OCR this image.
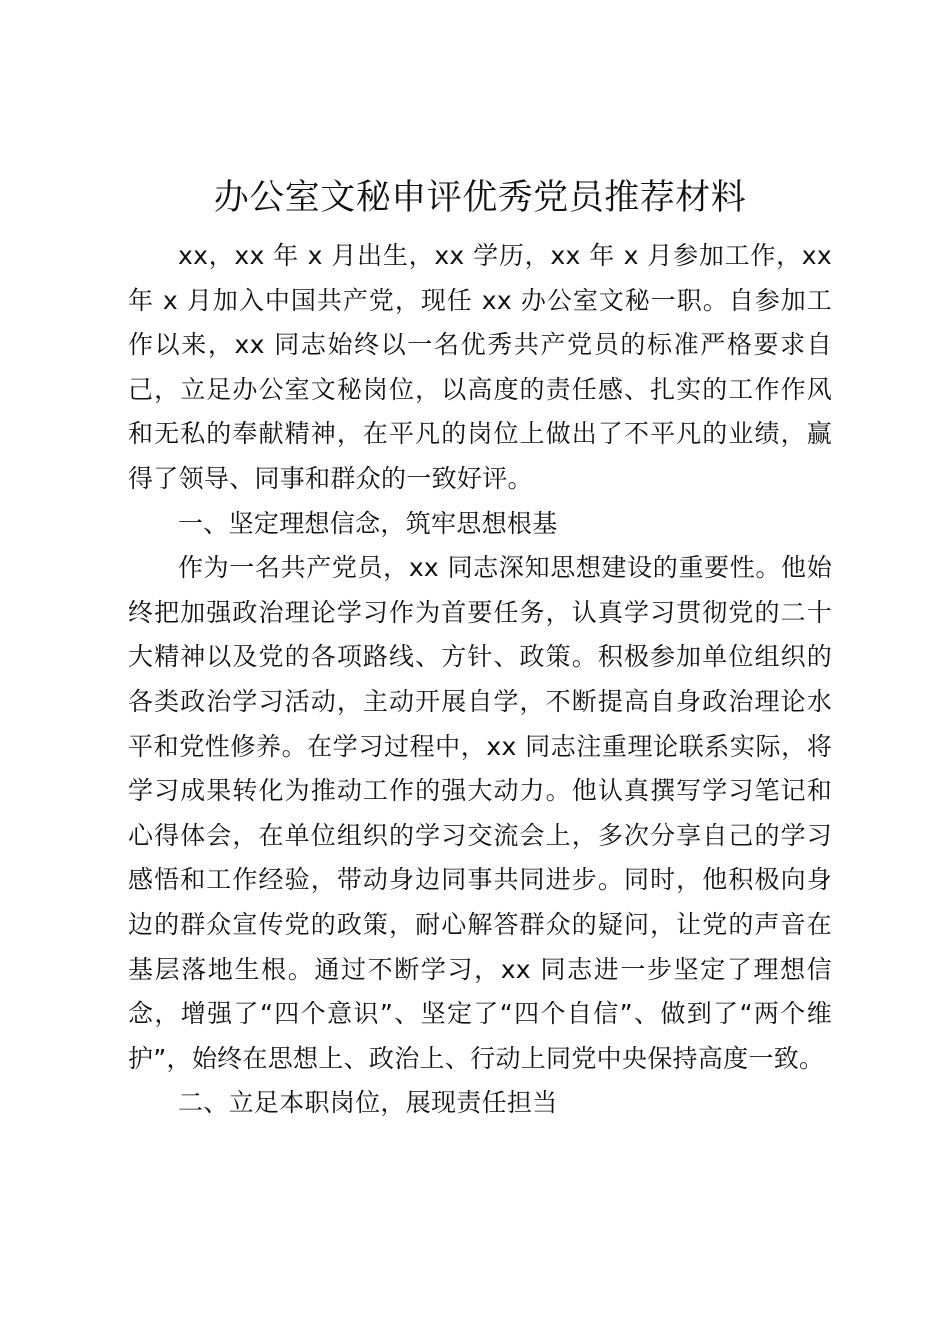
办公室文秘申评优秀党员推荐材料

xx，xx 年 x 月出生，xx 学历，xx 年 x 月参加工作，xx 年 x 月加入中国共产党，现任 xx 办公室文秘一职。自参加工作以来，xx 同志始终以一名优秀共产党员的标准严格要求自己，立足办公室文秘岗位，以高度的责任感、扎实的工作作风和无私的奉献精神，在平凡的岗位上做出了不平凡的业绩，赢得了领导、同事和群众的一致好评。

一、坚定理想信念，筑牢思想根基

作为一名共产党员，xx 同志深知思想建设的重要性。他始终把加强政治理论学习作为首要任务，认真学习贯彻党的二十大精神以及党的各项路线、方针、政策。积极参加单位组织的各类政治学习活动，主动开展自学，不断提高自身政治理论水平和党性修养。在学习过程中，xx 同志注重理论联系实际，将学习成果转化为推动工作的强大动力。他认真撰写学习笔记和心得体会，在单位组织的学习交流会上，多次分享自己的学习感悟和工作经验，带动身边同事共同进步。同时，他积极向身边的群众宣传党的政策，耐心解答群众的疑问，让党的声音在基层落地生根。通过不断学习，xx 同志进一步坚定了理想信念，增强了“四个意识”、坚定了“四个自信”、做到了“两个维护”，始终在思想上、政治上、行动上同党中央保持高度一致。

二、立足本职岗位，展现责任担当
